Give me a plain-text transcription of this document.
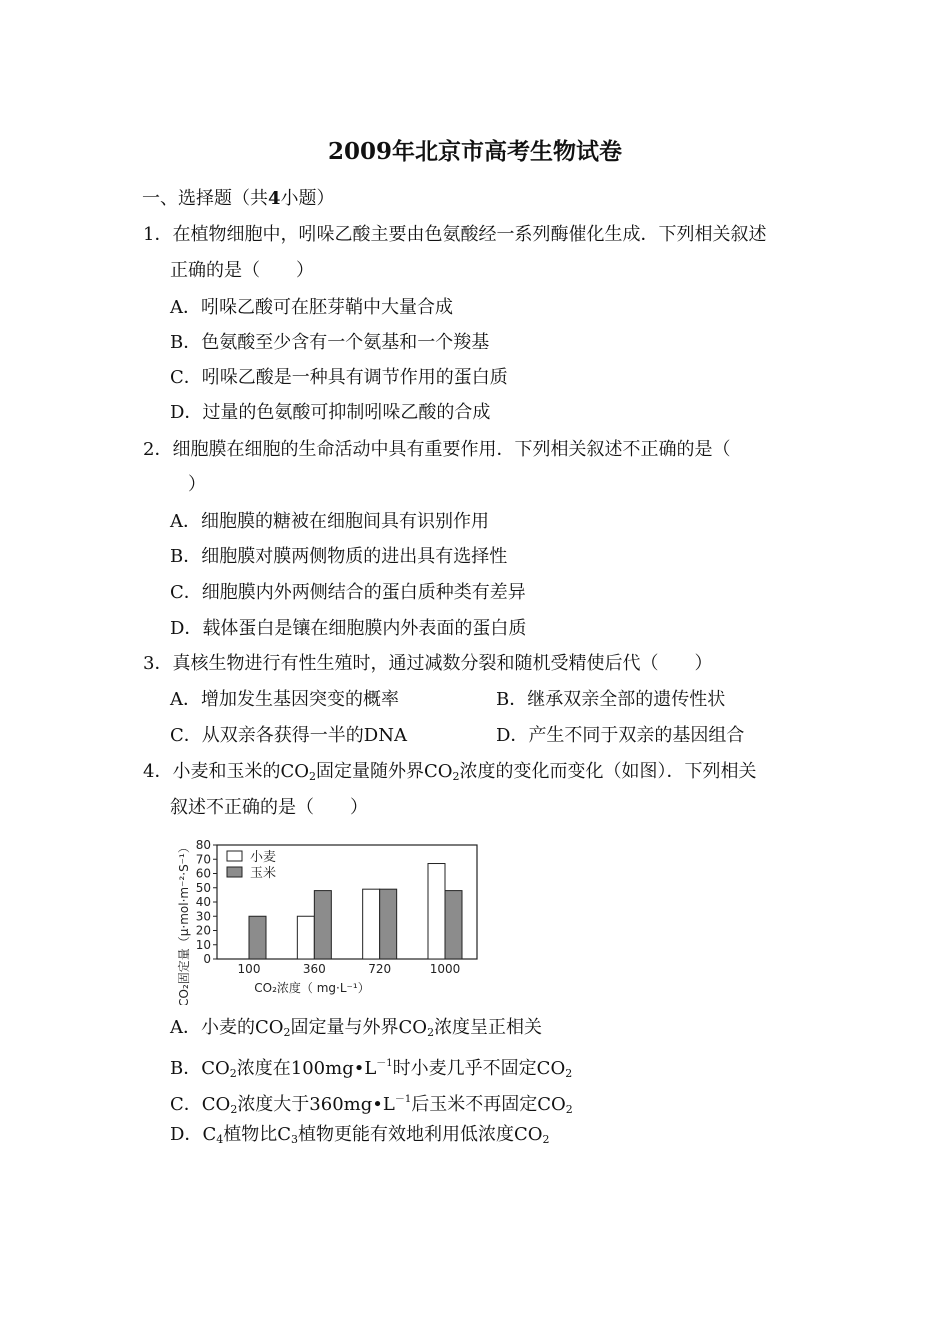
2009年北京市高考生物试卷
一、选择题（共4小题）
1．在植物细胞中，吲哚乙酸主要由色氨酸经一系列酶催化生成．下列相关叙述
正确的是（　　）
A．吲哚乙酸可在胚芽鞘中大量合成
B．色氨酸至少含有一个氨基和一个羧基
C．吲哚乙酸是一种具有调节作用的蛋白质
D．过量的色氨酸可抑制吲哚乙酸的合成
2．细胞膜在细胞的生命活动中具有重要作用．下列相关叙述不正确的是（
）
A．细胞膜的糖被在细胞间具有识别作用
B．细胞膜对膜两侧物质的进出具有选择性
C．细胞膜内外两侧结合的蛋白质种类有差异
D．载体蛋白是镶在细胞膜内外表面的蛋白质
3．真核生物进行有性生殖时，通过减数分裂和随机受精使后代（　　）
A．增加发生基因突变的概率	B．继承双亲全部的遗传性状
C．从双亲各获得一半的DNA	D．产生不同于双亲的基因组合
4．小麦和玉米的$CO_2$固定量随外界$CO_2$浓度的变化而变化（如图）．下列相关
叙述不正确的是（　　）
80
70
60
50
40
30
20
10
0
CO₂固定量（μ·mol·m⁻²·S⁻¹）	100	360	720	1000
CO₂浓度（ mg·L⁻¹）
小麦
玉米
A．小麦的$CO_2$固定量与外界$CO_2$浓度呈正相关
B．$CO_2$浓度在$100mg•L^{-1}$时小麦几乎不固定$CO_2$
C．$CO_2$浓度大于$360mg•L^{-1}$后玉米不再固定$CO_2$
D．$C_4$植物比$C_3$植物更能有效地利用低浓度$CO_2$
